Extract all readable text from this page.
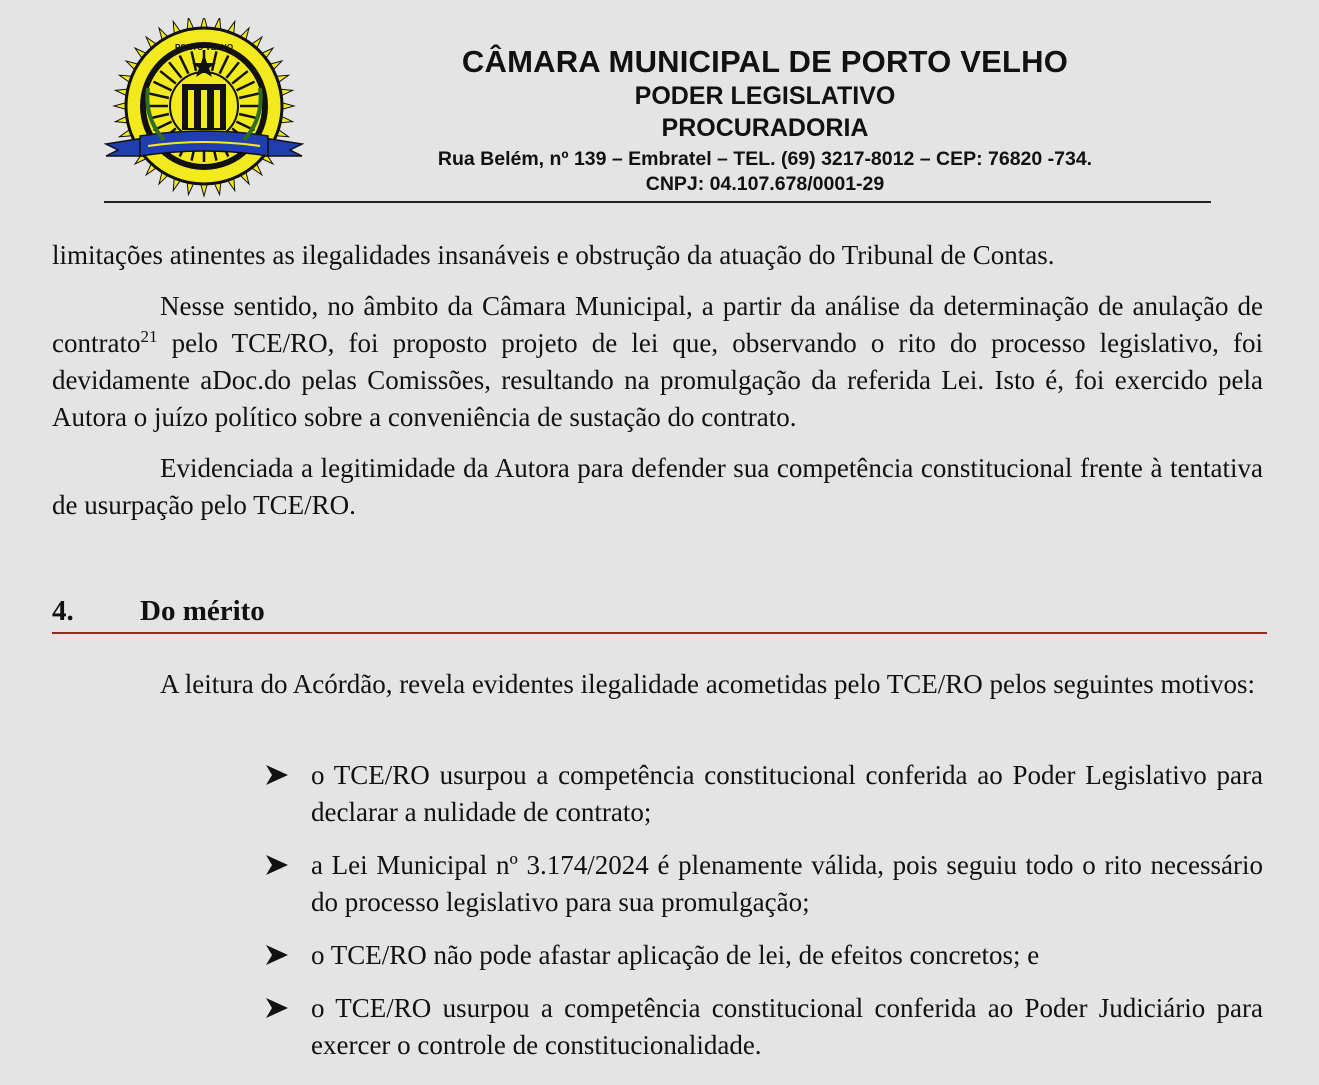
PORTO VELHO	CÂMARA MUNICIPAL DE PORTO VELHO
PODER LEGISLATIVO
PROCURADORIA
Rua Belém, nº 139 – Embratel – TEL. (69) 3217-8012 – CEP: 76820 -734.
CNPJ: 04.107.678/0001-29

limitações atinentes as ilegalidades insanáveis e obstrução da atuação do Tribunal de Contas.

Nesse sentido, no âmbito da Câmara Municipal, a partir da análise da determinação de anulação de contrato$^{21}$ pelo TCE/RO, foi proposto projeto de lei que, observando o rito do processo legislativo, foi devidamente aDoc.do pelas Comissões, resultando na promulgação da referida Lei. Isto é, foi exercido pela Autora o juízo político sobre a conveniência de sustação do contrato.

Evidenciada a legitimidade da Autora para defender sua competência constitucional frente à tentativa de usurpação pelo TCE/RO.

4. Do mérito

A leitura do Acórdão, revela evidentes ilegalidade acometidas pelo TCE/RO pelos seguintes motivos:

o TCE/RO usurpou a competência constitucional conferida ao Poder Legislativo para declarar a nulidade de contrato;
a Lei Municipal nº 3.174/2024 é plenamente válida, pois seguiu todo o rito necessário do processo legislativo para sua promulgação;
o TCE/RO não pode afastar aplicação de lei, de efeitos concretos; e
o TCE/RO usurpou a competência constitucional conferida ao Poder Judiciário para exercer o controle de constitucionalidade.
